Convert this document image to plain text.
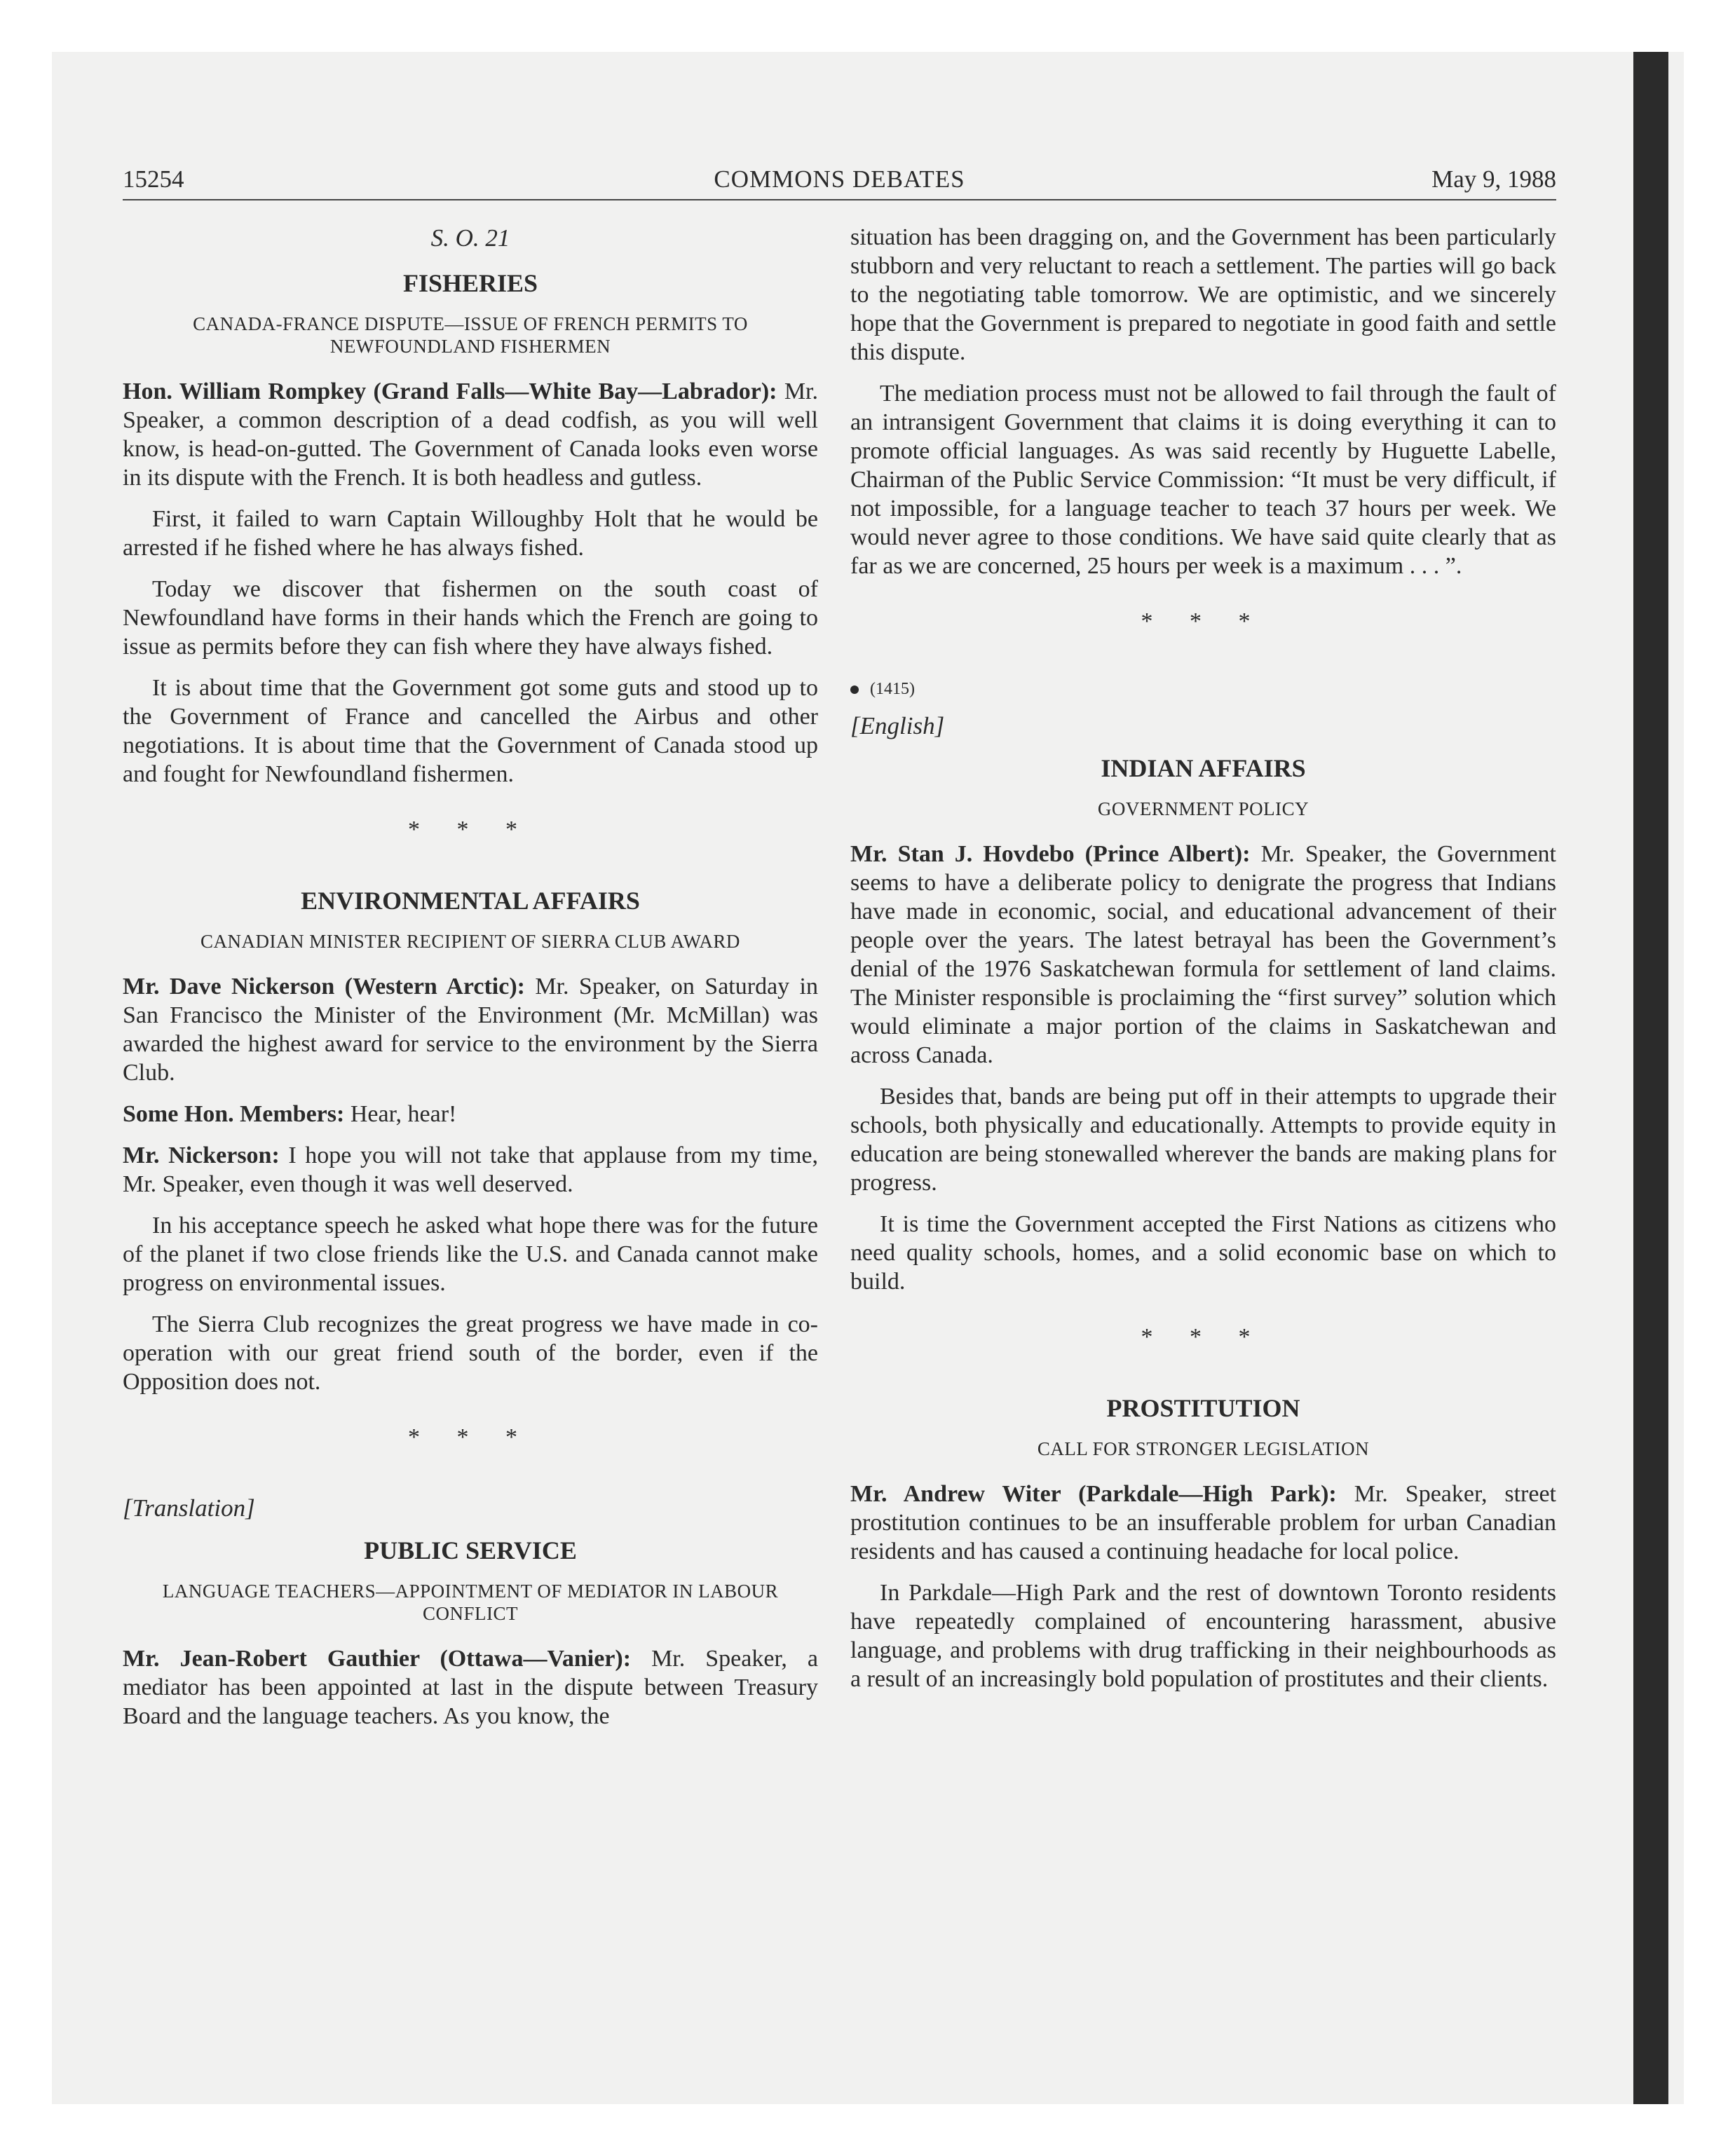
15254	COMMONS DEBATES	May 9, 1988
S. O. 21
FISHERIES
CANADA-FRANCE DISPUTE—ISSUE OF FRENCH PERMITS TO NEWFOUNDLAND FISHERMEN

Hon. William Rompkey (Grand Falls—White Bay—Labrador): Mr. Speaker, a common description of a dead codfish, as you will well know, is head-on-gutted. The Government of Canada looks even worse in its dispute with the French. It is both headless and gutless.

First, it failed to warn Captain Willoughby Holt that he would be arrested if he fished where he has always fished.

Today we discover that fishermen on the south coast of Newfoundland have forms in their hands which the French are going to issue as permits before they can fish where they have always fished.

It is about time that the Government got some guts and stood up to the Government of France and cancelled the Airbus and other negotiations. It is about time that the Government of Canada stood up and fought for Newfoundland fishermen.

* * *
ENVIRONMENTAL AFFAIRS
CANADIAN MINISTER RECIPIENT OF SIERRA CLUB AWARD

Mr. Dave Nickerson (Western Arctic): Mr. Speaker, on Saturday in San Francisco the Minister of the Environment (Mr. McMillan) was awarded the highest award for service to the environment by the Sierra Club.

Some Hon. Members: Hear, hear!

Mr. Nickerson: I hope you will not take that applause from my time, Mr. Speaker, even though it was well deserved.

In his acceptance speech he asked what hope there was for the future of the planet if two close friends like the U.S. and Canada cannot make progress on environmental issues.

The Sierra Club recognizes the great progress we have made in co-operation with our great friend south of the border, even if the Opposition does not.

* * *
[Translation]
PUBLIC SERVICE
LANGUAGE TEACHERS—APPOINTMENT OF MEDIATOR IN LABOUR CONFLICT

Mr. Jean-Robert Gauthier (Ottawa—Vanier): Mr. Speaker, a mediator has been appointed at last in the dispute between Treasury Board and the language teachers. As you know, the

situation has been dragging on, and the Government has been particularly stubborn and very reluctant to reach a settlement. The parties will go back to the negotiating table tomorrow. We are optimistic, and we sincerely hope that the Government is prepared to negotiate in good faith and settle this dispute.

The mediation process must not be allowed to fail through the fault of an intransigent Government that claims it is doing everything it can to promote official languages. As was said recently by Huguette Labelle, Chairman of the Public Service Commission: “It must be very difficult, if not impossible, for a language teacher to teach 37 hours per week. We would never agree to those conditions. We have said quite clearly that as far as we are concerned, 25 hours per week is a maximum . . . ”.

* * *
(1415)
[English]
INDIAN AFFAIRS
GOVERNMENT POLICY

Mr. Stan J. Hovdebo (Prince Albert): Mr. Speaker, the Government seems to have a deliberate policy to denigrate the progress that Indians have made in economic, social, and educational advancement of their people over the years. The latest betrayal has been the Government’s denial of the 1976 Saskatchewan formula for settlement of land claims. The Minister responsible is proclaiming the “first survey” solution which would eliminate a major portion of the claims in Saskatchewan and across Canada.

Besides that, bands are being put off in their attempts to upgrade their schools, both physically and educationally. Attempts to provide equity in education are being stonewalled wherever the bands are making plans for progress.

It is time the Government accepted the First Nations as citizens who need quality schools, homes, and a solid economic base on which to build.

* * *
PROSTITUTION
CALL FOR STRONGER LEGISLATION

Mr. Andrew Witer (Parkdale—High Park): Mr. Speaker, street prostitution continues to be an insufferable problem for urban Canadian residents and has caused a continuing headache for local police.

In Parkdale—High Park and the rest of downtown Toronto residents have repeatedly complained of encountering harassment, abusive language, and problems with drug trafficking in their neighbourhoods as a result of an increasingly bold population of prostitutes and their clients.
